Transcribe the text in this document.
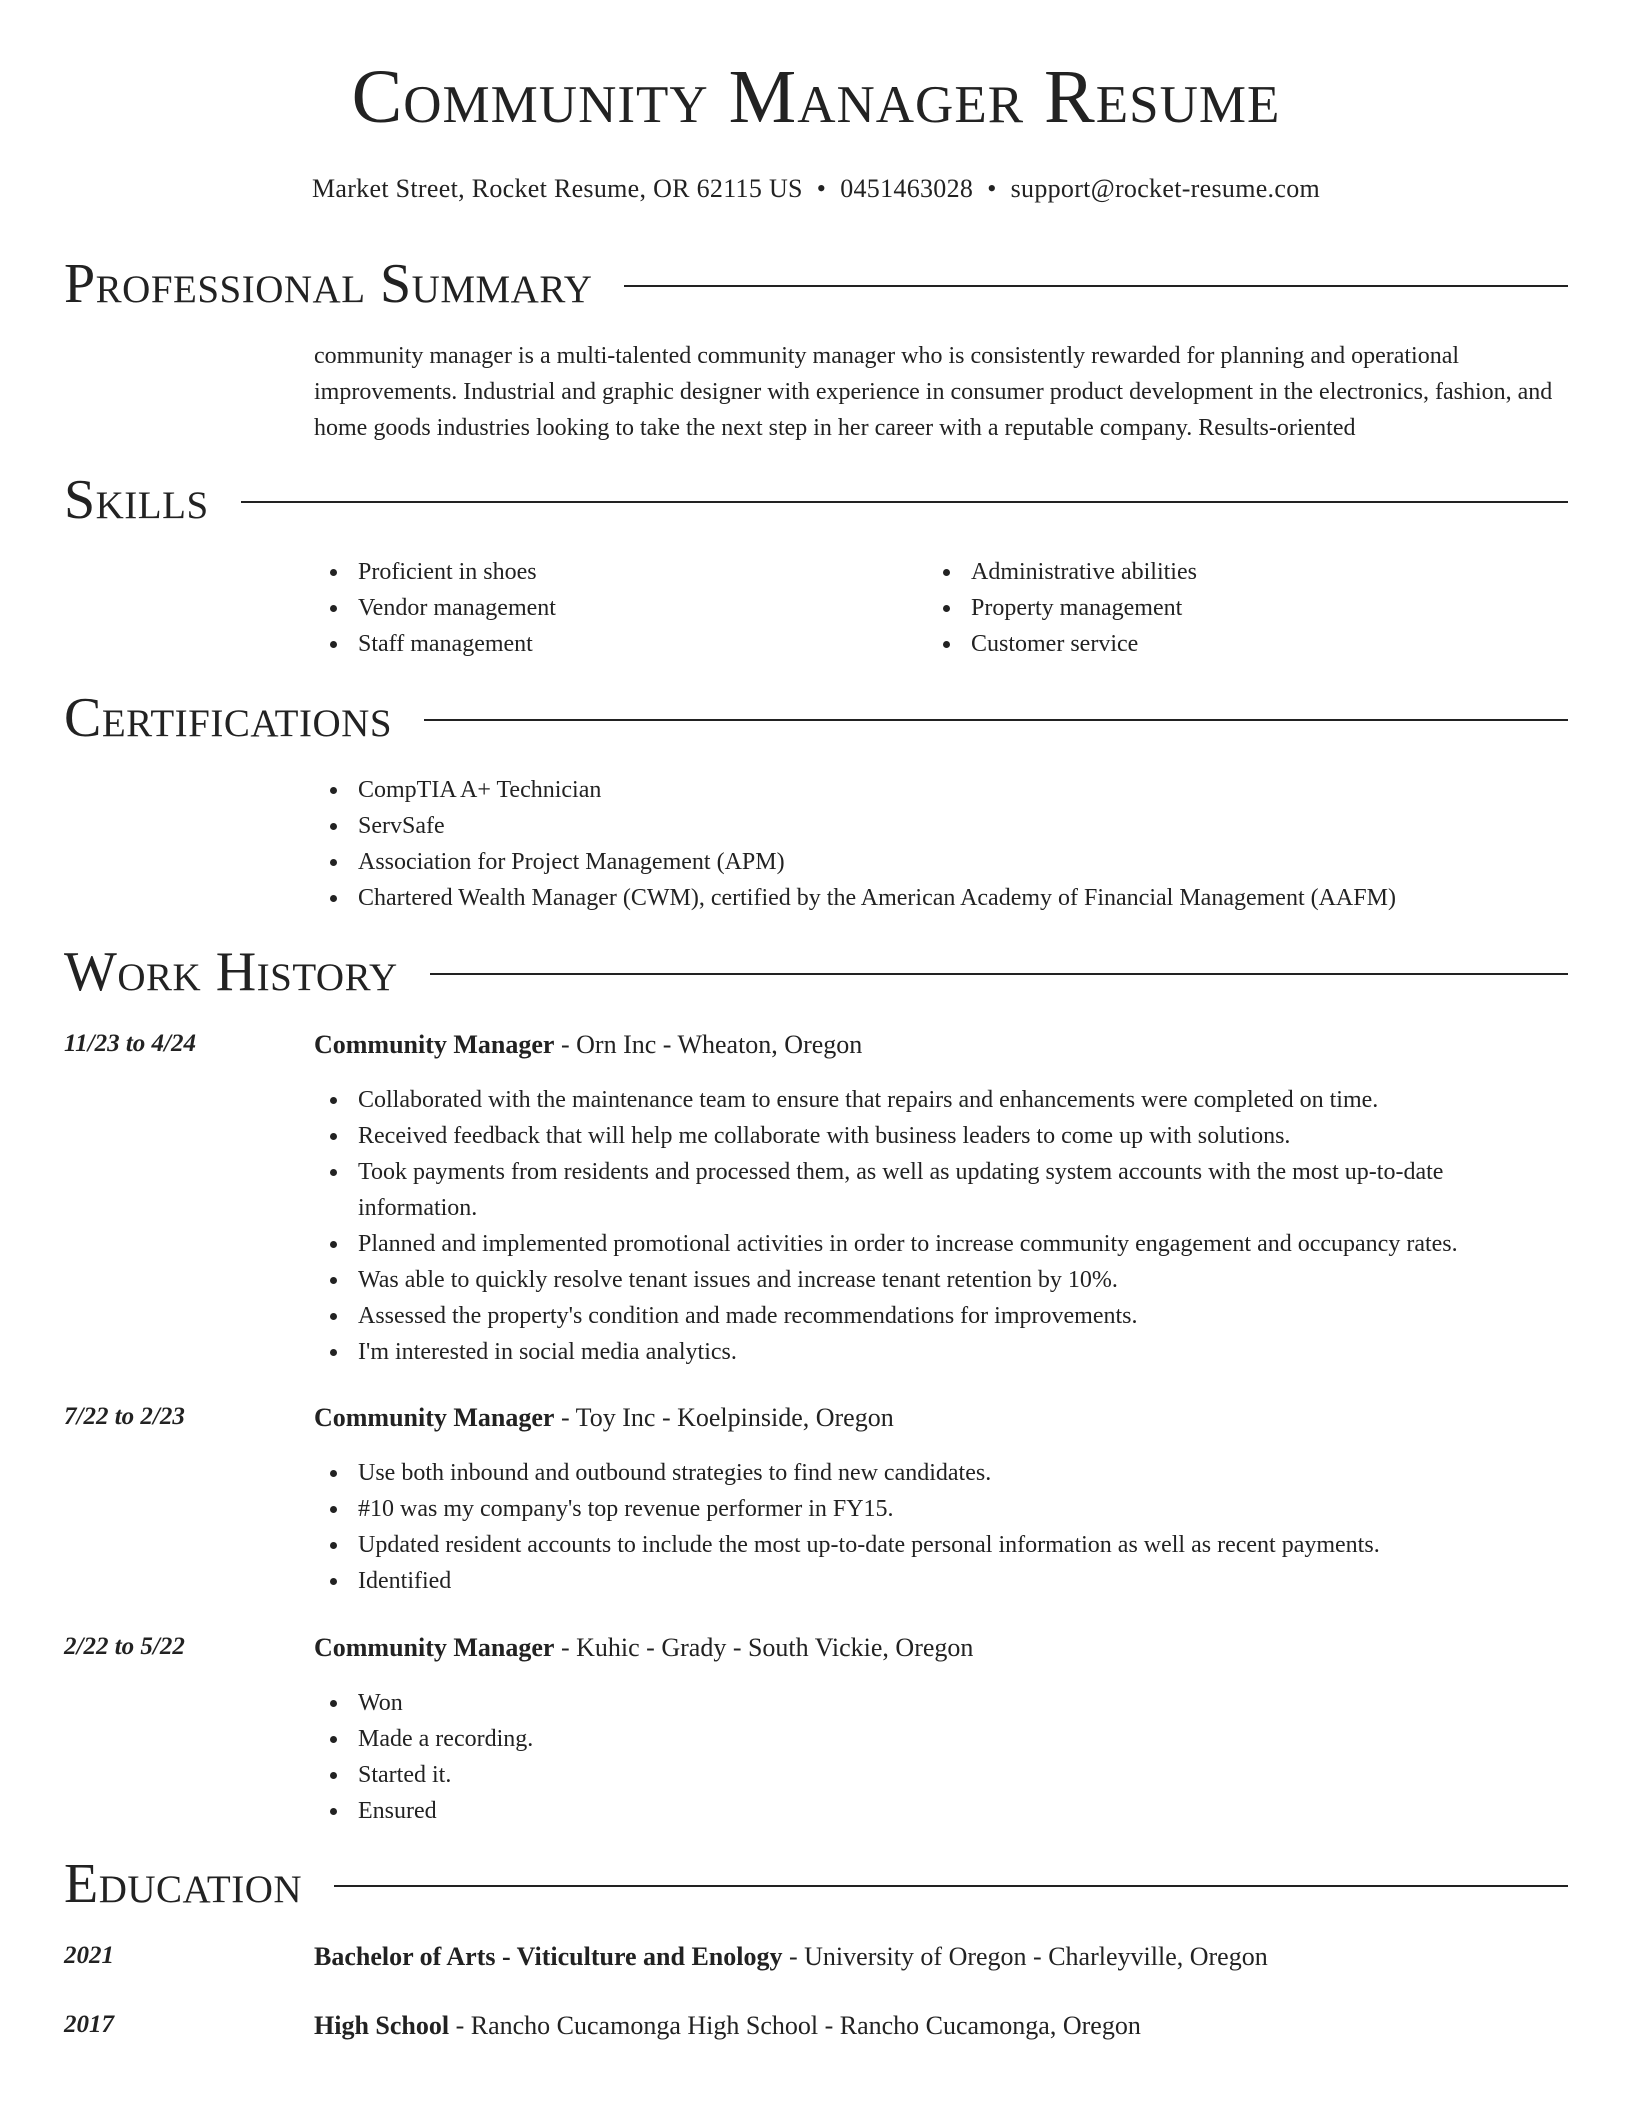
Community Manager Resume
Market Street, Rocket Resume, OR 62115 US • 0451463028 • support@rocket-resume.com
Professional Summary
community manager is a multi-talented community manager who is consistently rewarded for planning and operational improvements. Industrial and graphic designer with experience in consumer product development in the electronics, fashion, and home goods industries looking to take the next step in her career with a reputable company. Results-oriented
Skills
Proficient in shoes
Vendor management
Staff management
Administrative abilities
Property management
Customer service
Certifications
CompTIA A+ Technician
ServSafe
Association for Project Management (APM)
Chartered Wealth Manager (CWM), certified by the American Academy of Financial Management (AAFM)
Work History
11/23 to 4/24	Community Manager - Orn Inc - Wheaton, Oregon
Collaborated with the maintenance team to ensure that repairs and enhancements were completed on time.
Received feedback that will help me collaborate with business leaders to come up with solutions.
Took payments from residents and processed them, as well as updating system accounts with the most up-to-date information.
Planned and implemented promotional activities in order to increase community engagement and occupancy rates.
Was able to quickly resolve tenant issues and increase tenant retention by 10%.
Assessed the property's condition and made recommendations for improvements.
I'm interested in social media analytics.
7/22 to 2/23	Community Manager - Toy Inc - Koelpinside, Oregon
Use both inbound and outbound strategies to find new candidates.
#10 was my company's top revenue performer in FY15.
Updated resident accounts to include the most up-to-date personal information as well as recent payments.
Identified
2/22 to 5/22	Community Manager - Kuhic - Grady - South Vickie, Oregon
Won
Made a recording.
Started it.
Ensured
Education
2021	Bachelor of Arts - Viticulture and Enology - University of Oregon - Charleyville, Oregon
2017	High School - Rancho Cucamonga High School - Rancho Cucamonga, Oregon
